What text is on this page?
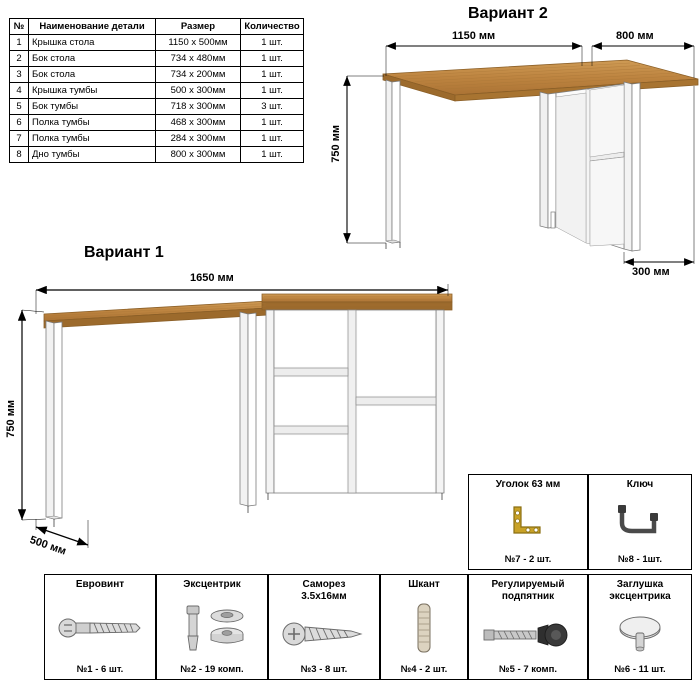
№	Наименование детали	Размер	Количество
1	Крышка стола	1150 х 500мм	1 шт.
2	Бок стола	734 х 480мм	1 шт.
3	Бок стола	734 х 200мм	1 шт.
4	Крышка тумбы	500 х 300мм	1 шт.
5	Бок тумбы	718 х 300мм	3 шт.
6	Полка тумбы	468 х 300мм	1 шт.
7	Полка тумбы	284 х 300мм	1 шт.
8	Дно тумбы	800 х 300мм	1 шт.
Вариант 2
Вариант 1
1150 мм	800 мм
750 мм
300 мм
1650 мм
750 мм
500 мм
Уголок 63 мм
№7 - 2 шт.
Ключ
№8 - 1шт.
Евровинт
№1 - 6 шт.
Эксцентрик
№2 - 19 комп.
Саморез
3.5х16мм
№3 - 8 шт.
Шкант
№4 - 2 шт.
Регулируемый
подпятник
№5 - 7 комп.
Заглушка
эксцентрика
№6 - 11 шт.
